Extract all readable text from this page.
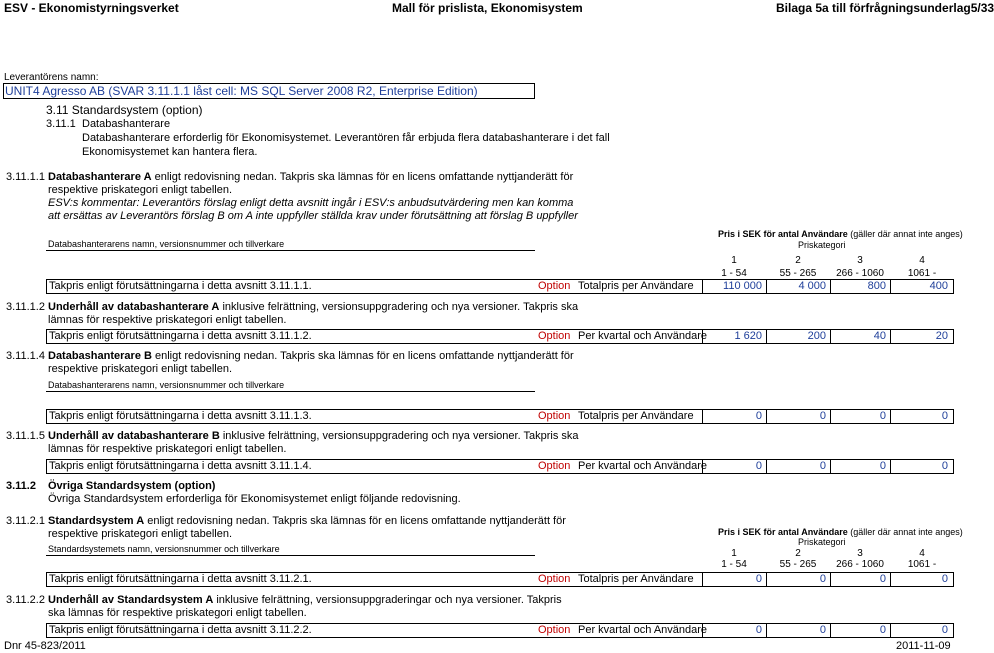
ESV - Ekonomistyrningsverket	Mall för prislista, Ekonomisystem	Bilaga 5a till förfrågningsunderlag5/33
Leverantörens namn:
UNIT4 Agresso AB (SVAR 3.11.1.1 låst cell: MS SQL Server 2008 R2, Enterprise Edition)
3.11 Standardsystem (option)
3.11.1 Databashanterare
Databashanterare erforderlig för Ekonomisystemet. Leverantören får erbjuda flera databashanterare i det fall
Ekonomisystemet kan hantera flera.
3.11.1.1 Databashanterare A enligt redovisning nedan. Takpris ska lämnas för en licens omfattande nyttjanderätt för
respektive priskategori enligt tabellen.
ESV:s kommentar: Leverantörs förslag enligt detta avsnitt ingår i ESV:s anbudsutvärdering men kan komma
att ersättas av Leverantörs förslag B om A inte uppfyller ställda krav under förutsättning att förslag B uppfyller
Pris i SEK för antal Användare (gäller där annat inte anges)
Databashanterarens namn, versionsnummer och tillverkare	Priskategori
1	2	3	4
1 - 54	55 - 265	266 - 1060	1061 -
Takpris enligt förutsättningarna i detta avsnitt 3.11.1.1.	Option Totalpris per Användare	110 000	4 000	800	400
3.11.1.2 Underhåll av databashanterare A inklusive felrättning, versionsuppgradering och nya versioner. Takpris ska
lämnas för respektive priskategori enligt tabellen.
Takpris enligt förutsättningarna i detta avsnitt 3.11.1.2.	Option Per kvartal och Användare	1 620	200	40	20
3.11.1.4 Databashanterare B enligt redovisning nedan. Takpris ska lämnas för en licens omfattande nyttjanderätt för
respektive priskategori enligt tabellen.
Databashanterarens namn, versionsnummer och tillverkare
Takpris enligt förutsättningarna i detta avsnitt 3.11.1.3.	Option Totalpris per Användare	0	0	0	0
3.11.1.5 Underhåll av databashanterare B inklusive felrättning, versionsuppgradering och nya versioner. Takpris ska
lämnas för respektive priskategori enligt tabellen.
Takpris enligt förutsättningarna i detta avsnitt 3.11.1.4.	Option Per kvartal och Användare	0	0	0	0
3.11.2 Övriga Standardsystem (option)
Övriga Standardsystem erforderliga för Ekonomisystemet enligt följande redovisning.
3.11.2.1 Standardsystem A enligt redovisning nedan. Takpris ska lämnas för en licens omfattande nyttjanderätt för
respektive priskategori enligt tabellen.	Pris i SEK för antal Användare (gäller där annat inte anges)
Priskategori
Standardsystemets namn, versionsnummer och tillverkare	1	2	3	4
1 - 54	55 - 265	266 - 1060	1061 -
Takpris enligt förutsättningarna i detta avsnitt 3.11.2.1.	Option Totalpris per Användare	0	0	0	0
3.11.2.2 Underhåll av Standardsystem A inklusive felrättning, versionsuppgraderingar och nya versioner. Takpris
ska lämnas för respektive priskategori enligt tabellen.
Takpris enligt förutsättningarna i detta avsnitt 3.11.2.2.	Option Per kvartal och Användare	0	0	0	0
Dnr 45-823/2011	2011-11-09
